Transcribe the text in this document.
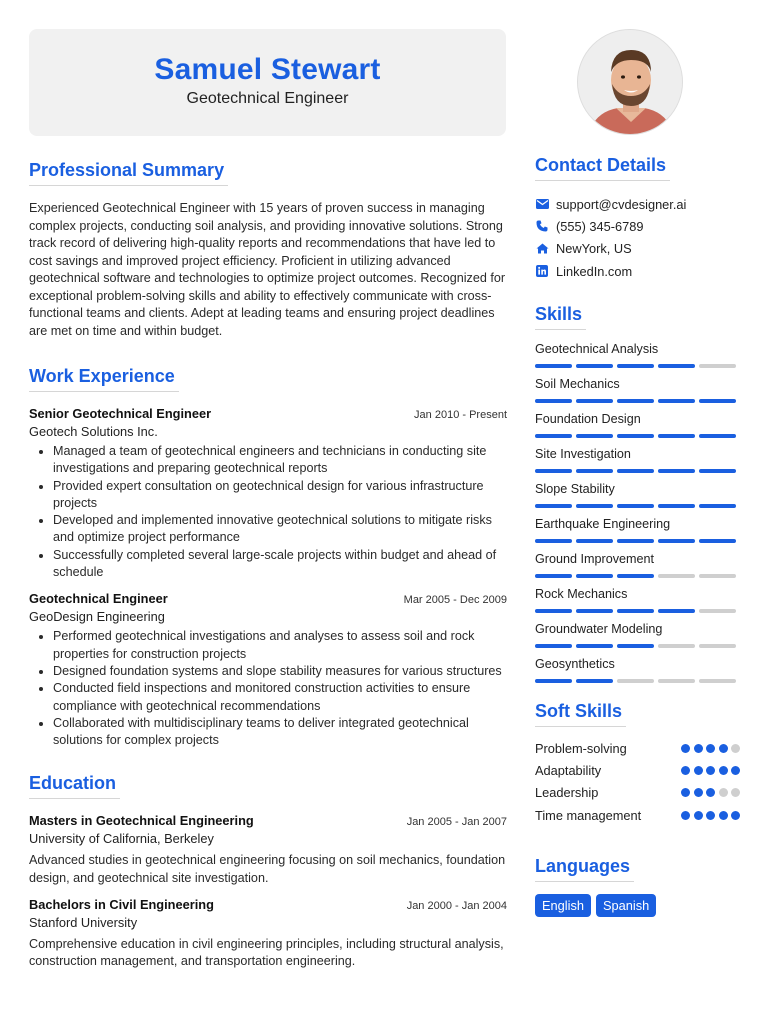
Samuel Stewart
Geotechnical Engineer
Professional Summary
Experienced Geotechnical Engineer with 15 years of proven success in managing complex projects, conducting soil analysis, and providing innovative solutions. Strong track record of delivering high-quality reports and recommendations that have led to cost savings and improved project efficiency. Proficient in utilizing advanced geotechnical software and technologies to optimize project outcomes. Recognized for exceptional problem-solving skills and ability to effectively communicate with cross-functional teams and clients. Adept at leading teams and ensuring project deadlines are met on time and within budget.
Work Experience
Senior Geotechnical Engineer	Jan 2010 - Present
Geotech Solutions Inc.
Managed a team of geotechnical engineers and technicians in conducting site investigations and preparing geotechnical reports
Provided expert consultation on geotechnical design for various infrastructure projects
Developed and implemented innovative geotechnical solutions to mitigate risks and optimize project performance
Successfully completed several large-scale projects within budget and ahead of schedule
Geotechnical Engineer	Mar 2005 - Dec 2009
GeoDesign Engineering
Performed geotechnical investigations and analyses to assess soil and rock properties for construction projects
Designed foundation systems and slope stability measures for various structures
Conducted field inspections and monitored construction activities to ensure compliance with geotechnical recommendations
Collaborated with multidisciplinary teams to deliver integrated geotechnical solutions for complex projects
Education
Masters in Geotechnical Engineering	Jan 2005 - Jan 2007
University of California, Berkeley
Advanced studies in geotechnical engineering focusing on soil mechanics, foundation design, and geotechnical site investigation.
Bachelors in Civil Engineering	Jan 2000 - Jan 2004
Stanford University
Comprehensive education in civil engineering principles, including structural analysis, construction management, and transportation engineering.
Contact Details
support@cvdesigner.ai
(555) 345-6789
NewYork, US
LinkedIn.com
Skills
Geotechnical Analysis
Soil Mechanics
Foundation Design
Site Investigation
Slope Stability
Earthquake Engineering
Ground Improvement
Rock Mechanics
Groundwater Modeling
Geosynthetics
Soft Skills
Problem-solving
Adaptability
Leadership
Time management
Languages
English	Spanish
